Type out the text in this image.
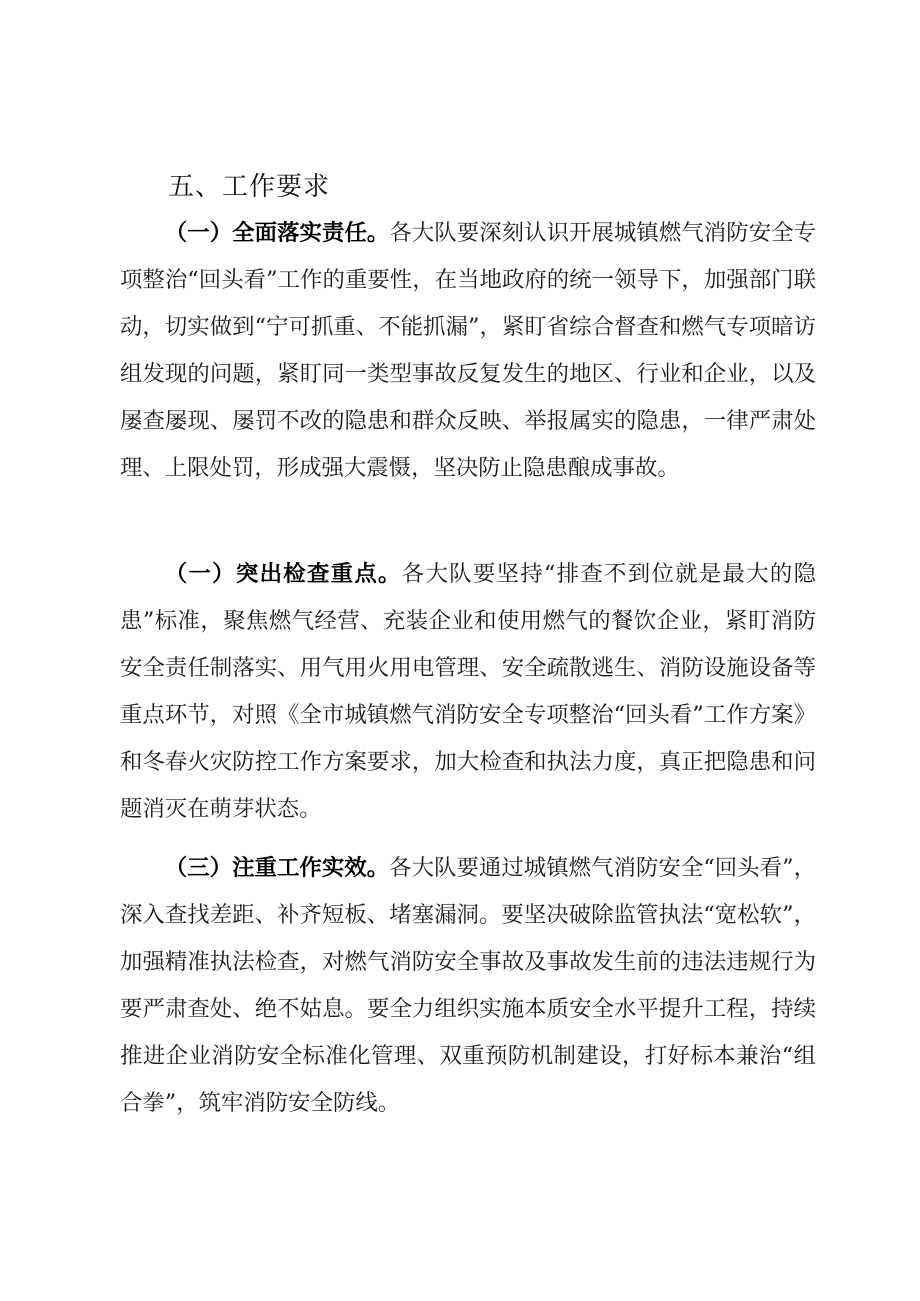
五、工作要求

（一）全面落实责任。各大队要深刻认识开展城镇燃气消防安全专项整治“回头看”工作的重要性，在当地政府的统一领导下，加强部门联动，切实做到“宁可抓重、不能抓漏”，紧盯省综合督查和燃气专项暗访组发现的问题，紧盯同一类型事故反复发生的地区、行业和企业，以及屡查屡现、屡罚不改的隐患和群众反映、举报属实的隐患，一律严肃处理、上限处罚，形成强大震慑，坚决防止隐患酿成事故。

（一）突出检查重点。各大队要坚持“排查不到位就是最大的隐患”标准，聚焦燃气经营、充装企业和使用燃气的餐饮企业，紧盯消防安全责任制落实、用气用火用电管理、安全疏散逃生、消防设施设备等重点环节，对照《全市城镇燃气消防安全专项整治“回头看”工作方案》和冬春火灾防控工作方案要求，加大检查和执法力度，真正把隐患和问题消灭在萌芽状态。

（三）注重工作实效。各大队要通过城镇燃气消防安全“回头看”，深入查找差距、补齐短板、堵塞漏洞。要坚决破除监管执法“宽松软”，加强精准执法检查，对燃气消防安全事故及事故发生前的违法违规行为要严肃查处、绝不姑息。要全力组织实施本质安全水平提升工程，持续推进企业消防安全标准化管理、双重预防机制建设，打好标本兼治“组合拳”，筑牢消防安全防线。
